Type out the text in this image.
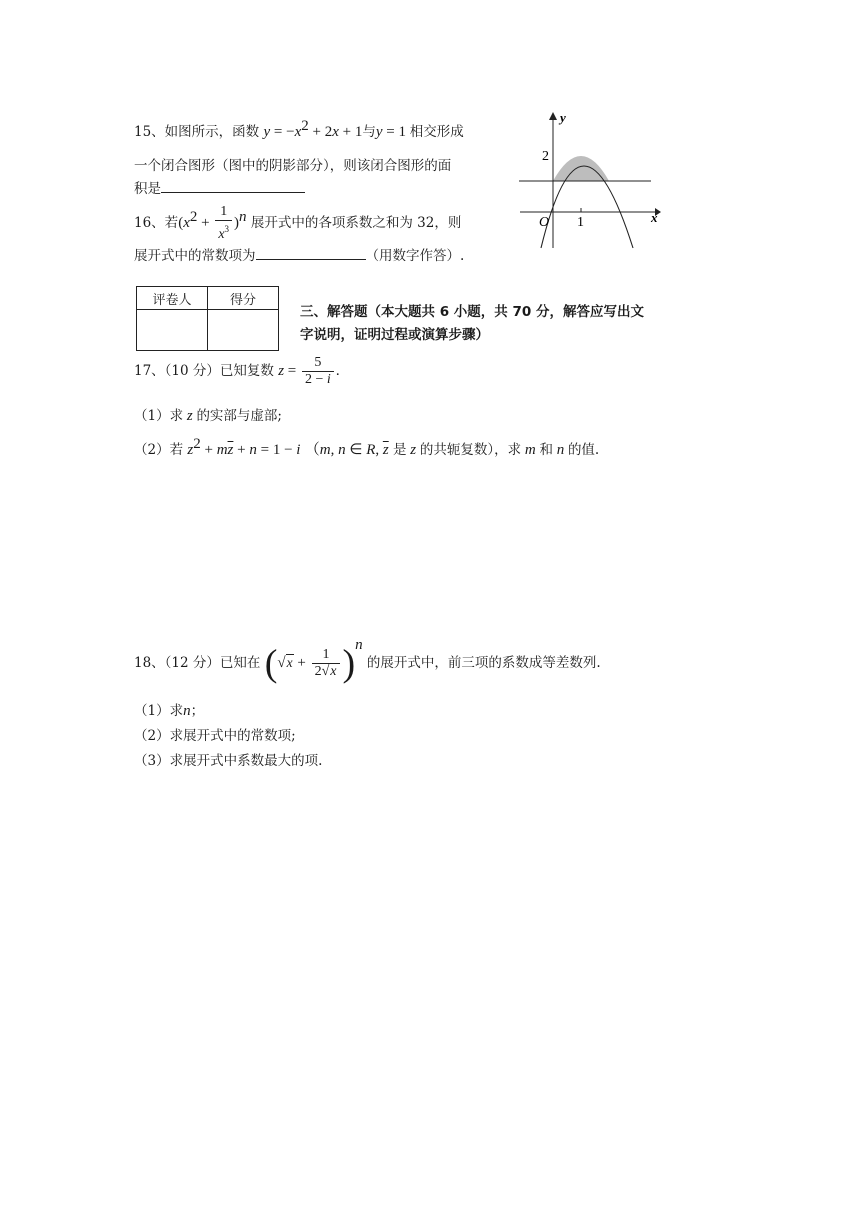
15、如图所示，函数 $y = -x^2 + 2x + 1$与y = 1 相交形成
一个闭合图形（图中的阴影部分），则该闭合图形的面
积是
16、若$(x^2 + \frac{1}{x^3} )^n$ 展开式中的各项系数之和为 32，则
展开式中的常数项为	（用数字作答）.
y
x
O
2
1
评卷人	得分

三、解答题（本大题共 6 小题，共 70 分，解答应写出文
字说明，证明过程或演算步骤）
17、（10 分）已知复数 $z = \frac{5}{2 - i}$ .
（1）求 z 的实部与虚部;
（2）若 $z^2 + m\overline{z} + n = 1 - i$ （m, n ∈ R, $\overline{z}$ 是 z 的共轭复数），求 m 和 n 的值.
18、（12 分）已知在 $(√x + \frac{1}{2√x} )^n$ 的展开式中，前三项的系数成等差数列.
（1）求n；
（2）求展开式中的常数项;
（3）求展开式中系数最大的项.
